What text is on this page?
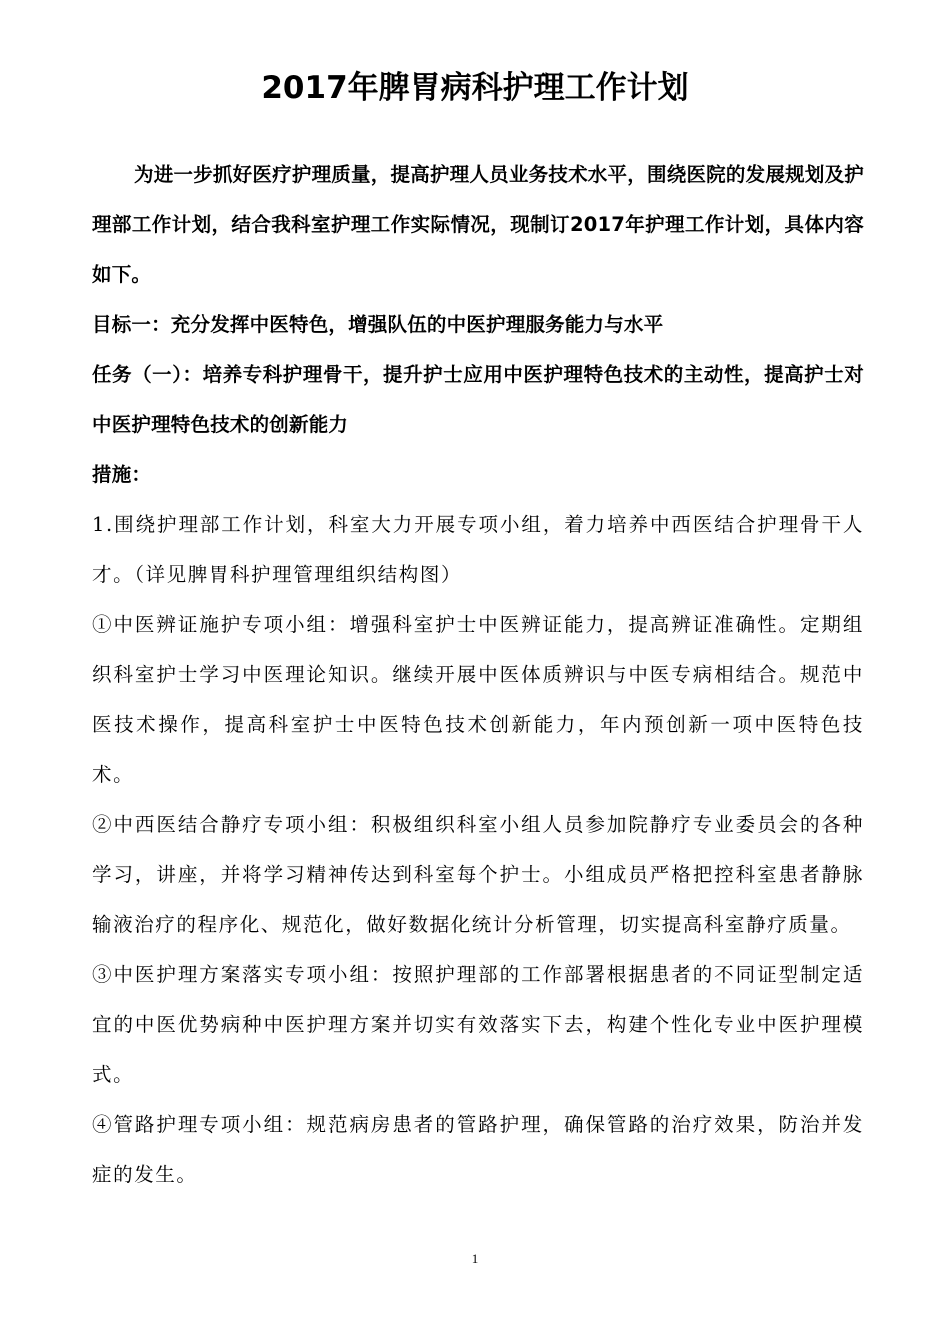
2017年脾胃病科护理工作计划

为进一步抓好医疗护理质量，提高护理人员业务技术水平，围绕医院的发展规划及护理部工作计划，结合我科室护理工作实际情况，现制订2017年护理工作计划，具体内容如下。

目标一：充分发挥中医特色，增强队伍的中医护理服务能力与水平

任务（一）：培养专科护理骨干，提升护士应用中医护理特色技术的主动性，提高护士对中医护理特色技术的创新能力

措施：

1.围绕护理部工作计划，科室大力开展专项小组，着力培养中西医结合护理骨干人才。（详见脾胃科护理管理组织结构图）

①中医辨证施护专项小组：增强科室护士中医辨证能力，提高辨证准确性。定期组织科室护士学习中医理论知识。继续开展中医体质辨识与中医专病相结合。规范中医技术操作，提高科室护士中医特色技术创新能力，年内预创新一项中医特色技术。

②中西医结合静疗专项小组：积极组织科室小组人员参加院静疗专业委员会的各种学习，讲座，并将学习精神传达到科室每个护士。小组成员严格把控科室患者静脉输液治疗的程序化、规范化，做好数据化统计分析管理，切实提高科室静疗质量。

③中医护理方案落实专项小组：按照护理部的工作部署根据患者的不同证型制定适宜的中医优势病种中医护理方案并切实有效落实下去，构建个性化专业中医护理模式。

④管路护理专项小组：规范病房患者的管路护理，确保管路的治疗效果，防治并发症的发生。

1
